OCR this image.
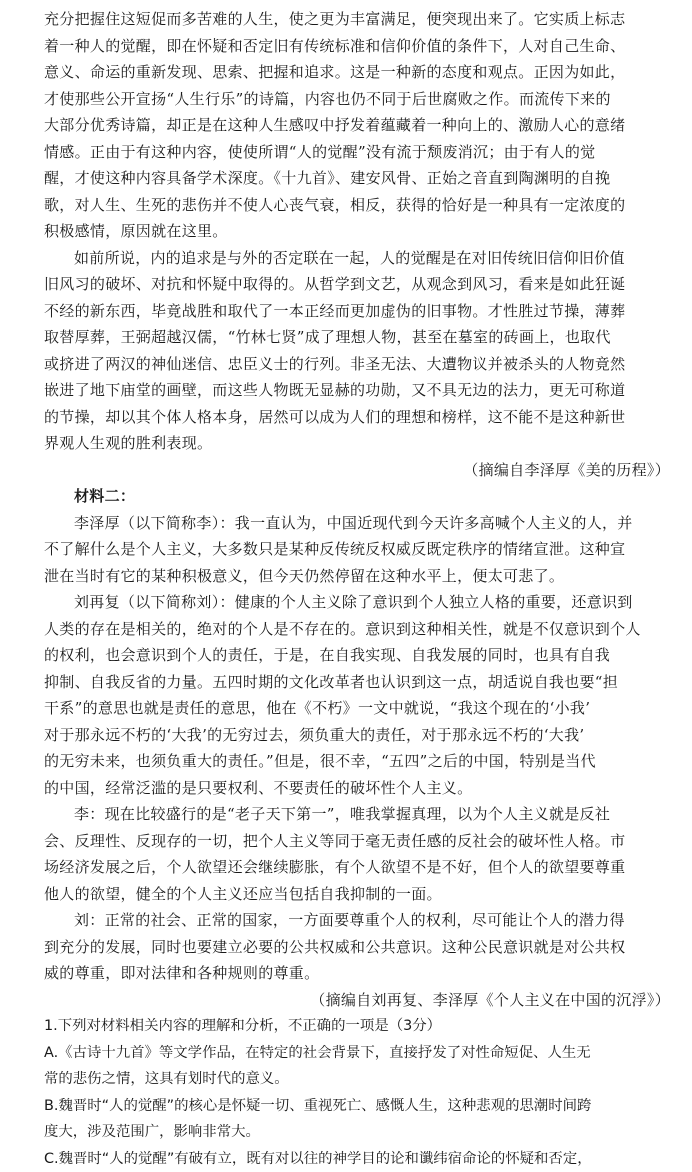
充分把握住这短促而多苦难的人生，使之更为丰富满足，便突现出来了。它实质上标志
着一种人的觉醒，即在怀疑和否定旧有传统标准和信仰价值的条件下，人对自己生命、
意义、命运的重新发现、思索、把握和追求。这是一种新的态度和观点。正因为如此，
才使那些公开宣扬“人生行乐”的诗篇，内容也仍不同于后世腐败之作。而流传下来的
大部分优秀诗篇，却正是在这种人生感叹中抒发着蕴藏着一种向上的、激励人心的意绪
情感。正由于有这种内容，使使所谓“人的觉醒”没有流于颓废消沉；由于有人的觉
醒，才使这种内容具备学术深度。《十九首》、建安风骨、正始之音直到陶渊明的自挽
歌，对人生、生死的悲伤并不使人心丧气衰，相反，获得的恰好是一种具有一定浓度的
积极感情，原因就在这里。
如前所说，内的追求是与外的否定联在一起，人的觉醒是在对旧传统旧信仰旧价值
旧风习的破坏、对抗和怀疑中取得的。从哲学到文艺，从观念到风习，看来是如此狂诞
不经的新东西，毕竟战胜和取代了一本正经而更加虚伪的旧事物。才性胜过节操，薄葬
取替厚葬，王弼超越汉儒，“竹林七贤”成了理想人物，甚至在墓室的砖画上，也取代
或挤进了两汉的神仙迷信、忠臣义士的行列。非圣无法、大遭物议并被杀头的人物竟然
嵌进了地下庙堂的画壁，而这些人物既无显赫的功勋，又不具无边的法力，更无可称道
的节操，却以其个体人格本身，居然可以成为人们的理想和榜样，这不能不是这种新世
界观人生观的胜利表现。
（摘编自李泽厚《美的历程》）
材料二：
李泽厚（以下简称李）：我一直认为，中国近现代到今天许多高喊个人主义的人，并
不了解什么是个人主义，大多数只是某种反传统反权威反既定秩序的情绪宣泄。这种宣
泄在当时有它的某种积极意义，但今天仍然停留在这种水平上，便太可悲了。
刘再复（以下简称刘）：健康的个人主义除了意识到个人独立人格的重要，还意识到
人类的存在是相关的，绝对的个人是不存在的。意识到这种相关性，就是不仅意识到个人
的权利，也会意识到个人的责任，于是，在自我实现、自我发展的同时，也具有自我
抑制、自我反省的力量。五四时期的文化改革者也认识到这一点，胡适说自我也要“担
干系”的意思也就是责任的意思，他在《不朽》一文中就说，“我这个现在的‘小我’
对于那永远不朽的‘大我’的无穷过去，须负重大的责任，对于那永远不朽的‘大我’
的无穷未来，也须负重大的责任。”但是，很不幸，“五四”之后的中国，特别是当代
的中国，经常泛滥的是只要权利、不要责任的破坏性个人主义。
李：现在比较盛行的是“老子天下第一”，唯我掌握真理，以为个人主义就是反社
会、反理性、反现存的一切，把个人主义等同于毫无责任感的反社会的破坏性人格。市
场经济发展之后，个人欲望还会继续膨胀，有个人欲望不是不好，但个人的欲望要尊重
他人的欲望，健全的个人主义还应当包括自我抑制的一面。
刘：正常的社会、正常的国家，一方面要尊重个人的权利，尽可能让个人的潜力得
到充分的发展，同时也要建立必要的公共权威和公共意识。这种公民意识就是对公共权
威的尊重，即对法律和各种规则的尊重。
（摘编自刘再复、李泽厚《个人主义在中国的沉浮》）
1.下列对材料相关内容的理解和分析，不正确的一项是（3分）
A.《古诗十九首》等文学作品，在特定的社会背景下，直接抒发了对性命短促、人生无
常的悲伤之情，这具有划时代的意义。
B.魏晋时“人的觉醒”的核心是怀疑一切、重视死亡、感慨人生，这种悲观的思潮时间跨
度大，涉及范围广，影响非常大。
C.魏晋时“人的觉醒”有破有立，既有对以往的神学目的论和谶纬宿命论的怀疑和否定，
